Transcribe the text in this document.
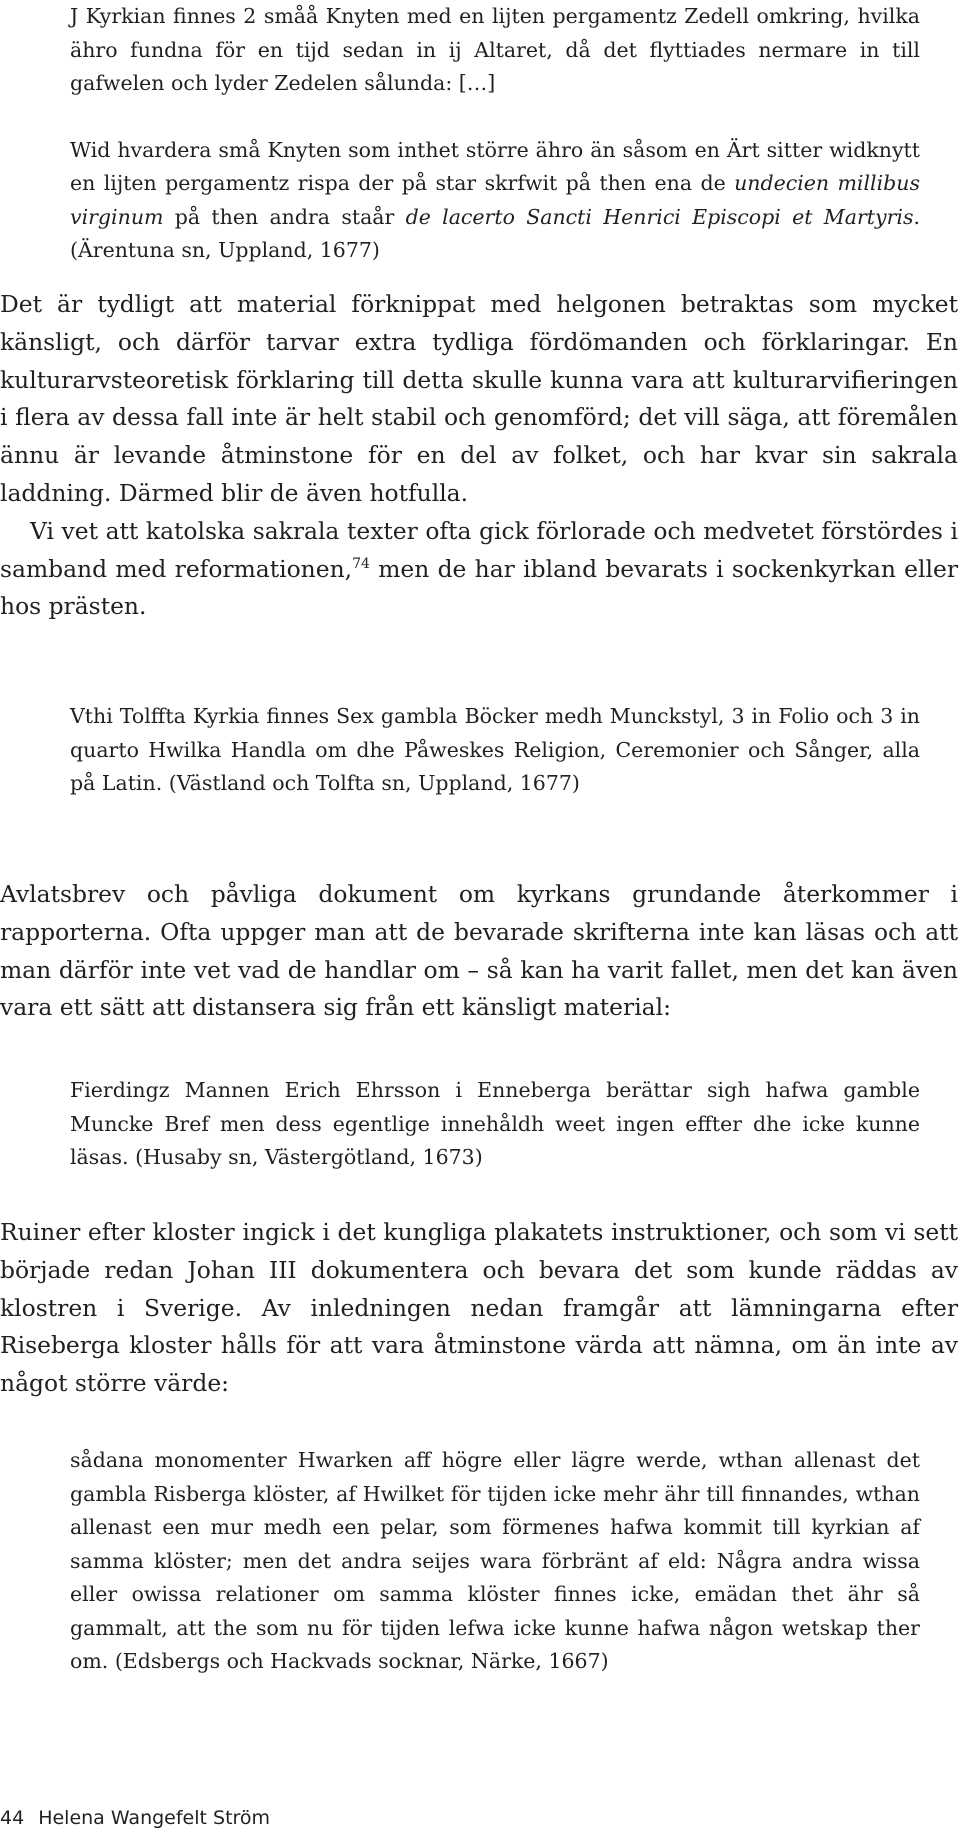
J Kyrkian finnes 2 småå Knyten med en lijten pergamentz Zedell omkring, hvilka ähro fundna för en tijd sedan in ij Altaret, då det flyttiades nermare in till gafwelen och lyder Zedelen sålunda: […]

Wid hvardera små Knyten som inthet större ähro än såsom en Ärt sitter widknytt en lijten pergamentz rispa der på star skrfwit på then ena de undecien millibus virginum på then andra staår de lacerto Sancti Henrici Episcopi et Martyris. (Ärentuna sn, Uppland, 1677)

Det är tydligt att material förknippat med helgonen betraktas som mycket känsligt, och därför tarvar extra tydliga fördömanden och förklaringar. En kulturarvsteoretisk förklaring till detta skulle kunna vara att kulturarvifieringen i flera av dessa fall inte är helt stabil och genomförd; det vill säga, att föremålen ännu är levande åtminstone för en del av folket, och har kvar sin sakrala laddning. Därmed blir de även hotfulla.

Vi vet att katolska sakrala texter ofta gick förlorade och medvetet förstördes i samband med reformationen,$^{74}$ men de har ibland bevarats i sockenkyrkan eller hos prästen.

Vthi Tolffta Kyrkia finnes Sex gambla Böcker medh Munckstyl, 3 in Folio och 3 in quarto Hwilka Handla om dhe Påweskes Religion, Ceremonier och Sånger, alla på Latin. (Västland och Tolfta sn, Uppland, 1677)

Avlatsbrev och påvliga dokument om kyrkans grundande återkommer i rapporterna. Ofta uppger man att de bevarade skrifterna inte kan läsas och att man därför inte vet vad de handlar om – så kan ha varit fallet, men det kan även vara ett sätt att distansera sig från ett känsligt material:

Fierdingz Mannen Erich Ehrsson i Enneberga berättar sigh hafwa gamble Muncke Bref men dess egentlige innehåldh weet ingen effter dhe icke kunne läsas. (Husaby sn, Västergötland, 1673)

Ruiner efter kloster ingick i det kungliga plakatets instruktioner, och som vi sett började redan Johan III dokumentera och bevara det som kunde räddas av klostren i Sverige. Av inledningen nedan framgår att lämningarna efter Riseberga kloster hålls för att vara åtminstone värda att nämna, om än inte av något större värde:

sådana monomenter Hwarken aff högre eller lägre werde, wthan allenast det gambla Risberga klöster, af Hwilket för tijden icke mehr ähr till finnandes, wthan allenast een mur medh een pelar, som förmenes hafwa kommit till kyrkian af samma klöster; men det andra seijes wara förbränt af eld: Några andra wissa eller owissa relationer om samma klöster finnes icke, emädan thet ähr så gammalt, att the som nu för tijden lefwa icke kunne hafwa någon wetskap ther om. (Edsbergs och Hackvads socknar, Närke, 1667)

44 Helena Wangefelt Ström
